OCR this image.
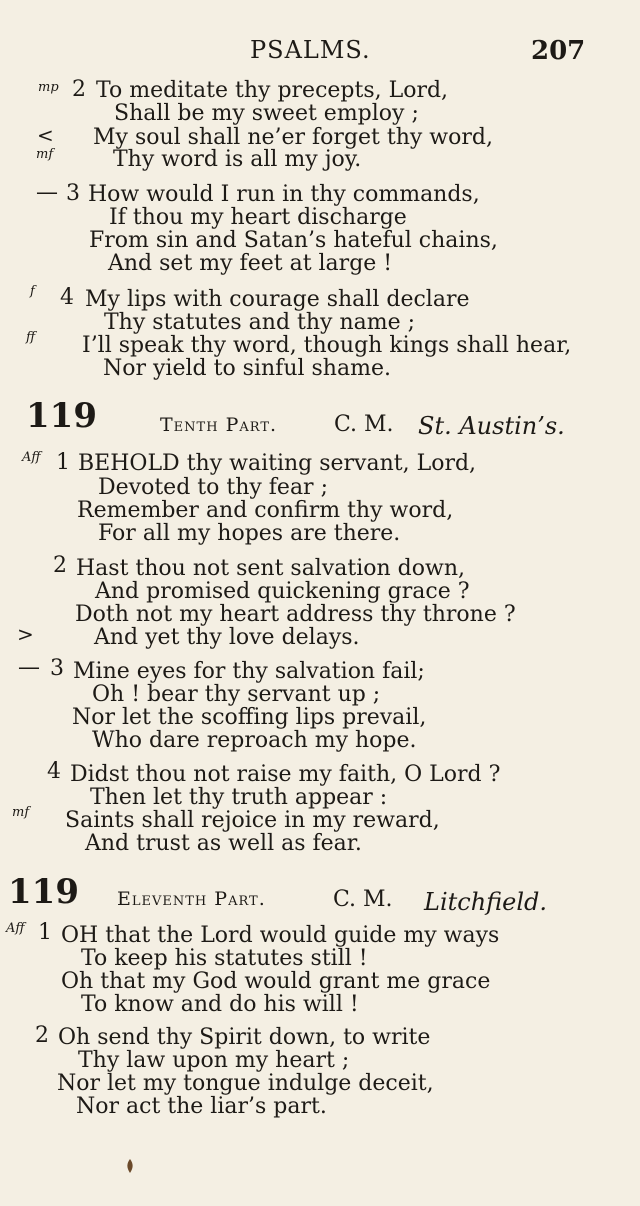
PSALMS.	207
mp 2 To meditate thy precepts, Lord,
Shall be my sweet employ ;
< My soul shall ne’er forget thy word,
mf	Thy word is all my joy.
— 3 How would I run in thy commands,
If thou my heart discharge
From sin and Satan’s hateful chains,
And set my feet at large !
f 4 My lips with courage shall declare
Thy statutes and thy name ;
ff I’ll speak thy word, though kings shall hear,
Nor yield to sinful shame.
119	Tenth Part.	C. M. St. Austin’s.
Aff 1 BEHOLD thy waiting servant, Lord,
Devoted to thy fear ;
Remember and confirm thy word,
For all my hopes are there.
2 Hast thou not sent salvation down,
And promised quickening grace ?
Doth not my heart address thy throne ?
>	And yet thy love delays.
— 3 Mine eyes for thy salvation fail;
Oh ! bear thy servant up ;
Nor let the scoffing lips prevail,
Who dare reproach my hope.
4 Didst thou not raise my faith, O Lord ?
Then let thy truth appear :
mf Saints shall rejoice in my reward,
And trust as well as fear.
119 Eleventh Part.	C. M. Litchfield.
Aff 1 OH that the Lord would guide my ways
To keep his statutes still !
Oh that my God would grant me grace
To know and do his will !
2 Oh send thy Spirit down, to write
Thy law upon my heart ;
Nor let my tongue indulge deceit,
Nor act the liar’s part.
